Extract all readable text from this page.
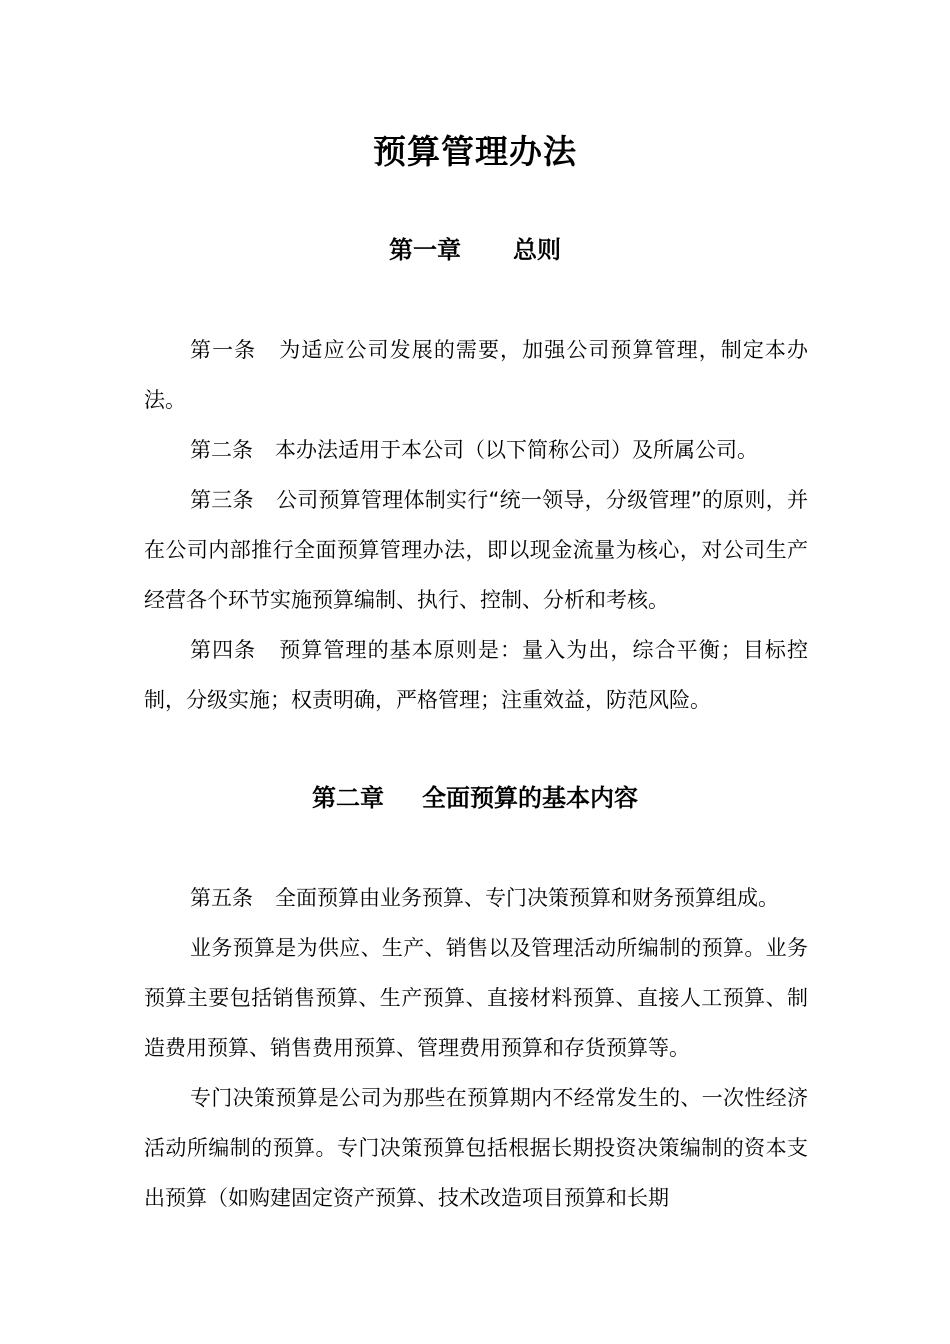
预算管理办法
第一章 总则

第一条 为适应公司发展的需要，加强公司预算管理，制定本办法。

第二条 本办法适用于本公司（以下简称公司）及所属公司。

第三条 公司预算管理体制实行“统一领导，分级管理”的原则，并在公司内部推行全面预算管理办法，即以现金流量为核心，对公司生产经营各个环节实施预算编制、执行、控制、分析和考核。

第四条 预算管理的基本原则是：量入为出，综合平衡；目标控制，分级实施；权责明确，严格管理；注重效益，防范风险。

第二章 全面预算的基本内容

第五条 全面预算由业务预算、专门决策预算和财务预算组成。

业务预算是为供应、生产、销售以及管理活动所编制的预算。业务预算主要包括销售预算、生产预算、直接材料预算、直接人工预算、制造费用预算、销售费用预算、管理费用预算和存货预算等。

专门决策预算是公司为那些在预算期内不经常发生的、一次性经济活动所编制的预算。专门决策预算包括根据长期投资决策编制的资本支出预算（如购建固定资产预算、技术改造项目预算和长期
